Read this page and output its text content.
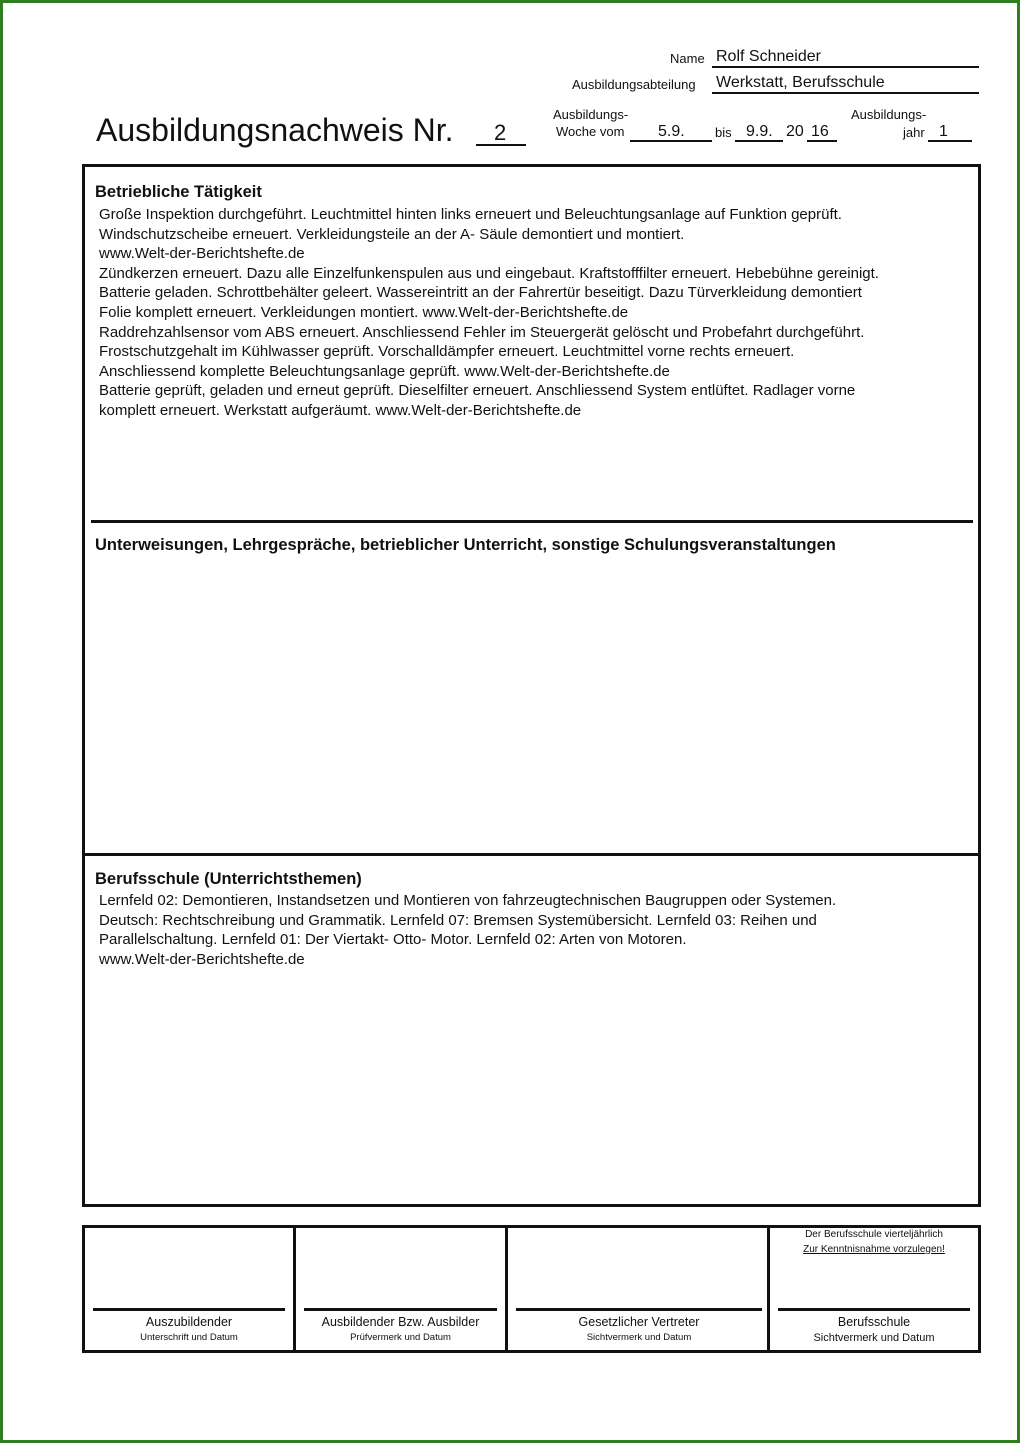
Name Rolf Schneider
Ausbildungsabteilung Werkstatt, Berufsschule
Ausbildungsnachweis Nr. 2
Ausbildungs-
Woche vom 5.9. bis 9.9. 20 16
Ausbildungs-
jahr 1
Betriebliche Tätigkeit
Große Inspektion durchgeführt. Leuchtmittel hinten links erneuert und Beleuchtungsanlage auf Funktion geprüft.
Windschutzscheibe erneuert. Verkleidungsteile an der A- Säule demontiert und montiert.
www.Welt-der-Berichtshefte.de
Zündkerzen erneuert. Dazu alle Einzelfunkenspulen aus und eingebaut. Kraftstofffilter erneuert. Hebebühne gereinigt.
Batterie geladen. Schrottbehälter geleert. Wassereintritt an der Fahrertür beseitigt. Dazu Türverkleidung demontiert
Folie komplett erneuert. Verkleidungen montiert. www.Welt-der-Berichtshefte.de
Raddrehzahlsensor vom ABS erneuert. Anschliessend Fehler im Steuergerät gelöscht und Probefahrt durchgeführt.
Frostschutzgehalt im Kühlwasser geprüft. Vorschalldämpfer erneuert. Leuchtmittel vorne rechts erneuert.
Anschliessend komplette Beleuchtungsanlage geprüft. www.Welt-der-Berichtshefte.de
Batterie geprüft, geladen und erneut geprüft. Dieselfilter erneuert. Anschliessend System entlüftet. Radlager vorne
komplett erneuert. Werkstatt aufgeräumt. www.Welt-der-Berichtshefte.de
Unterweisungen, Lehrgespräche, betrieblicher Unterricht, sonstige Schulungsveranstaltungen
Berufsschule (Unterrichtsthemen)
Lernfeld 02: Demontieren, Instandsetzen und Montieren von fahrzeugtechnischen Baugruppen oder Systemen.
Deutsch: Rechtschreibung und Grammatik. Lernfeld 07: Bremsen Systemübersicht. Lernfeld 03: Reihen und
Parallelschaltung. Lernfeld 01: Der Viertakt- Otto- Motor. Lernfeld 02: Arten von Motoren.
www.Welt-der-Berichtshefte.de
Auszubildender
Unterschrift und Datum
Ausbildender Bzw. Ausbilder
Prüfvermerk und Datum
Gesetzlicher Vertreter
Sichtvermerk und Datum
Der Berufsschule vierteljährlich
Zur Kenntnisnahme vorzulegen!
Berufsschule
Sichtvermerk und Datum
